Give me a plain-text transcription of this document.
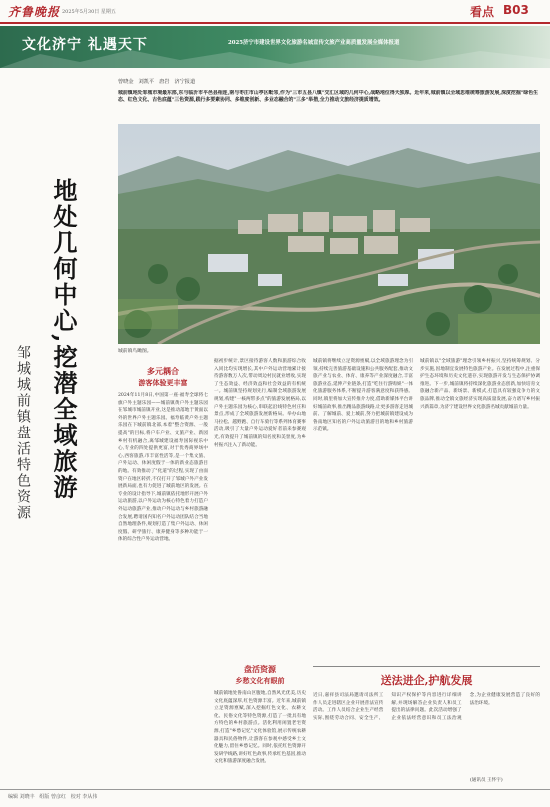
齐鲁晚报 2025年5月30日 星期五	看点 B03
文化济宁 礼遇天下	2025济宁市建设世界文化旅游名城宣传文旅产业高质量发展全媒体报道
曾晓金 刘凯平 唐岩 济宁报道
城前镇地处邹城市境最东部,东与临沂市平邑县相连,南与枣庄市山亭区毗邻,作为"三市五县八镇"交汇区域的几何中心,战略地位得天独厚。近年来,城前镇以全域思维统筹旅游发展,深度挖掘"绿色生态、红色文化、古色底蕴"三色资源,践行多要素协同、多维度创新、多业态融合的"三多"举措,全力推动文旅经济提质增效。
地处几何中心,挖潜全域旅游
邹城城前镇盘活特色资源	城前镇鸟瞰图。
多元耦合
游客体验更丰富
2024年11月8日,中国第一座·福寿全球将七旗户外主题乐园——城前镇黄户外主题乐园在邹城市城前镇开业,这是推动落地于黄面以外的世界户外主题乐园。福寿临黄户外主题乐园在下城前镇北部,本着"整合资源、一般提高"的目标,将户车户业、文旅产业、新园乡村有机融合,离邹城建设福寿国际视乐中心,专业的四处提供更富,对于优秀商界场中心,西客旅游,市丰富性活等,是一个集文旅、户外运动、休闲度假于一体的新业态旅游目的地。有效推动了"化道"的过程,实现了由面资户在地区转折,不仅打开了邹城户外产业发展新局面,也有力促进了城前地区的发展。在专业的设计指导下,城前镇依托地形开展户外运动旅游,以户外运动为核心特色着力打造户外运动旅游产业,推动户外运动与乡村旅游融合发展,聘请国内知名户外运动团队结合当地自然地理条件,规划打造了集户外运动、休闲度假、研学旅行、康养健身等多种功能于一体的综合性户外运动营地。
据初步统计,景区接待游客人数和旅游综合收入同比均实现增长,其中户外运动营地累计接待游客数万人次,带动周边村民就业增收,实现了生态效益、经济效益和社会效益的有机统一。城前镇坚持规划先行,编制全域旅游发展规划,构建"一核两带多点"的旅游发展格局,以户外主题乐园为核心,串联起沿线特色村庄和景点,形成了全域旅游发展新格局。举办山地马拉松、越野跑、自行车骑行等系列体育赛事活动,吸引了大量户外运动爱好者前来参赛观光,有效提升了城前镇的知名度和美誉度,为乡村振兴注入了新动能。
盘活资源
乡愁文化有眼前
城前镇地处鲁南山区腹地,自然风光优美,历史文化底蕴深厚,红色资源丰富。近年来,城前镇立足资源禀赋,深入挖掘红色文化、农耕文化、民俗文化等特色资源,打造了一批具有地方特色的乡村旅游点。活化利用闲置老宅资源,打造"乡愁记忆"文化体验馆,展示传统农耕器具和民俗物件,让游客在参观中感受乡土文化魅力,留住乡愁记忆。同时,依托红色资源开发研学线路,讲好红色故事,传承红色基因,推动文化和旅游深度融合发展。
城前镇将继续立足资源禀赋,以全域旅游理念为引领,持续完善旅游基础设施和公共服务配套,推动文旅产业与农业、体育、康养等产业深度融合,丰富旅游业态,延伸产业链条,打造"吃住行游购娱"一体化旅游服务体系,不断提升游客满意度和获得感。同时,镇里将加大宣传推介力度,借助新媒体平台讲好城前故事,推出精品旅游线路,让更多游客走进城前、了解城前、爱上城前,努力把城前镇建设成为鲁南地区知名的户外运动旅游目的地和乡村旅游示范镇。
城前镇以"全域旅游"理念引领乡村振兴,坚持统筹规划、分步实施,因地制宜发展特色旅游产业。在发展过程中,注重保护生态环境和历史文化遗存,实现旅游开发与生态保护协调推进。下一步,城前镇将持续深化旅游业态创新,加快培育文旅融合新产品、新场景、新模式,打造具有较强竞争力的文旅品牌,推动全镇文旅经济实现高质量发展,奋力谱写乡村振兴新篇章,为济宁建设世界文化旅游名城贡献城前力量。
送法进企,护航发展
近日,嘉祥县司法局邀请司法所工作人员走进辖区企业开展普法宣传活动。工作人员结合企业生产经营实际,围绕劳动合同、安全生产、知识产权保护等内容进行详细讲解,并现场解答企业负责人和员工提出的法律问题。此次活动增强了企业依法经营意识和员工法治观念,为企业健康发展营造了良好的法治环境。
(通讯员 王怀宇)
编辑 刘晓丰 组版 曾彦红 校对 李从伟
